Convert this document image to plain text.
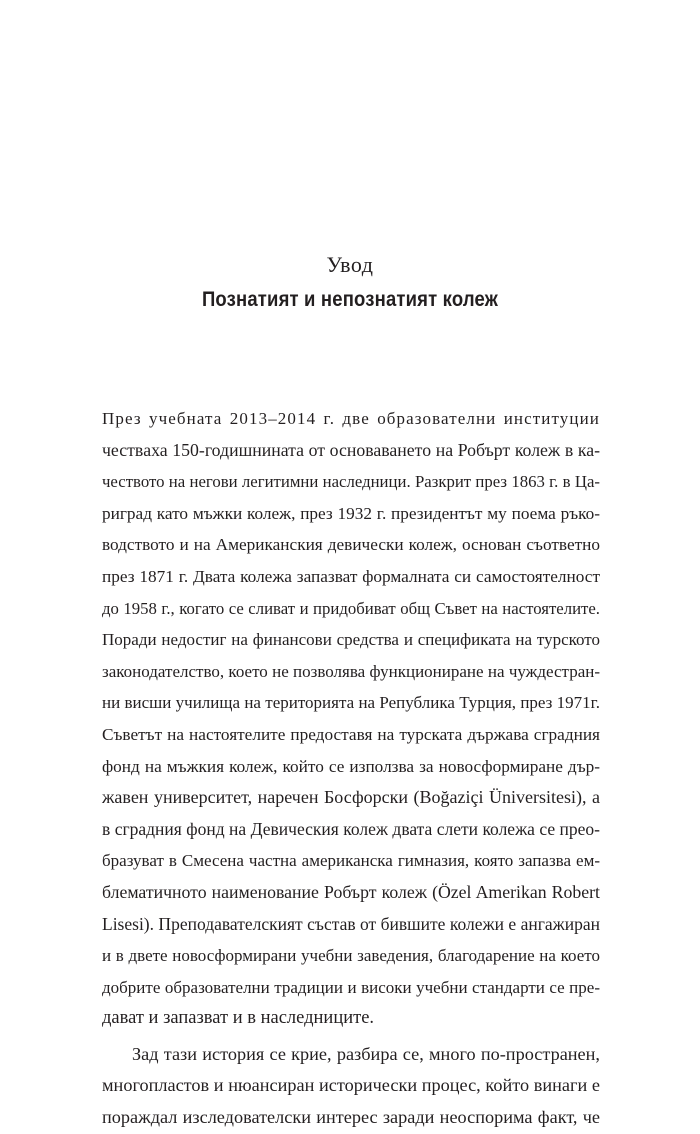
Увод
Познатият и непознатият колеж
През учебната 2013–2014 г. две образователни институции
чествaха 150-годишнината от основаването на Робърт колеж в ка-
чеството на негови легитимни наследници. Разкрит през 1863 г. в Ца-
риград като мъжки колеж, през 1932 г. президентът му поема ръко-
водството и на Американския девически колеж, основан съответно
през 1871 г. Двата колежа запазват формалната си самостоятелност
до 1958 г., когато се сливат и придобиват общ Съвет на настоятелите.
Поради недостиг на финансови средства и спецификата на турското
законодателство, което не позволява функциониране на чуждестран-
ни висши училища на територията на Република Турция, през 1971г.
Съветът на настоятелите предоставя на турската държава сградния
фонд на мъжкия колеж, който се използва за новосформиране дър-
жавен университет, наречен Босфорски (Boğaziçi Üniversitesi), а
в сградния фонд на Девическия колеж двата слети колежа се прео-
бразуват в Смесена частна американска гимназия, която запазва ем-
блематичното наименование Робърт колеж (Özel Amerikan Robert
Lisesi). Преподавателският състав от бившите колежи е ангажиран
и в двете новосформирани учебни заведения, благодарение на което
добрите образователни традиции и високи учебни стандарти се пре-
дават и запазват и в наследниците.
Зад тази история се крие, разбира се, много по-пространен,
многопластов и нюансиран исторически процес, който винаги е
пораждал изследователски интерес заради неоспорима факт, че
